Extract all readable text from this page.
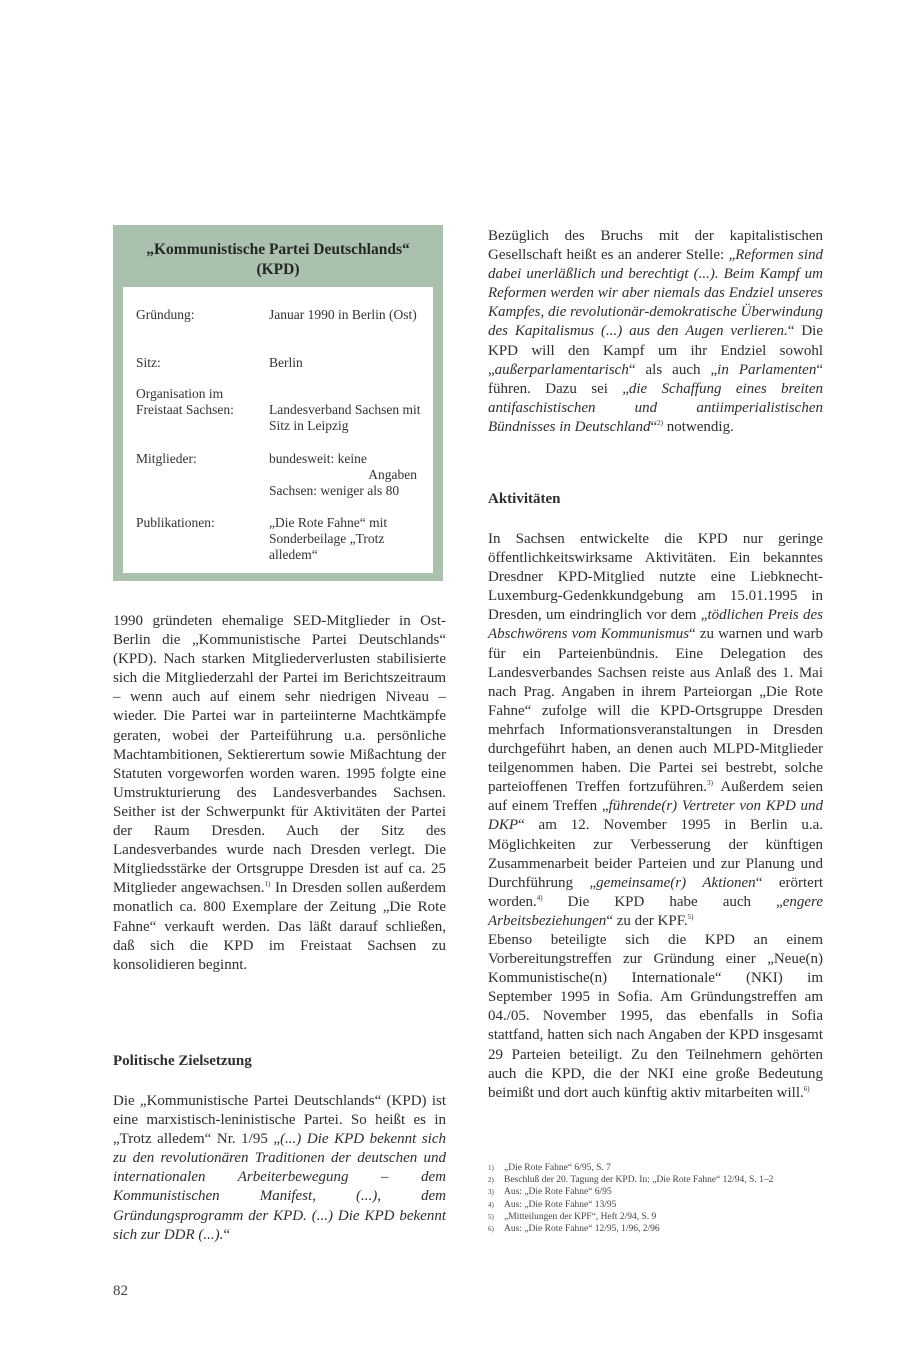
„Kommunistische Partei Deutschlands“
(KPD)
Gründung:	Januar 1990 in Berlin (Ost)
Sitz:	Berlin
Organisation im Freistaat Sachsen:	Landesverband Sachsen mit Sitz in Leipzig
Mitglieder:	bundesweit: keine
Angaben
Sachsen: weniger als 80
Publikationen:	„Die Rote Fahne“ mit Sonderbeilage „Trotz alledem“

1990 gründeten ehemalige SED-Mitglieder in Ost-Berlin die „Kommunistische Partei Deutschlands“ (KPD). Nach starken Mitgliederverlusten stabilisierte sich die Mitgliederzahl der Partei im Berichtszeitraum – wenn auch auf einem sehr niedrigen Niveau – wieder. Die Partei war in parteiinterne Machtkämpfe geraten, wobei der Parteiführung u.a. persönliche Machtambitionen, Sektierertum sowie Mißachtung der Statuten vorgeworfen worden waren. 1995 folgte eine Umstrukturierung des Landesverbandes Sachsen. Seither ist der Schwerpunkt für Aktivitäten der Partei der Raum Dresden. Auch der Sitz des Landesverbandes wurde nach Dresden verlegt. Die Mitgliedsstärke der Ortsgruppe Dresden ist auf ca. 25 Mitglieder angewachsen.$^{1)}$ In Dresden sollen außerdem monatlich ca. 800 Exemplare der Zeitung „Die Rote Fahne“ verkauft werden. Das läßt darauf schließen, daß sich die KPD im Freistaat Sachsen zu konsolidieren beginnt.

Politische Zielsetzung

Die „Kommunistische Partei Deutschlands“ (KPD) ist eine marxistisch-leninistische Partei. So heißt es in „Trotz alledem“ Nr. 1/95 „(...) Die KPD bekennt sich zu den revolutionären Traditionen der deutschen und internationalen Arbeiterbewegung – dem Kommunistischen Manifest, (...), dem Gründungsprogramm der KPD. (...) Die KPD bekennt sich zur DDR (...).“

Bezüglich des Bruchs mit der kapitalistischen Gesellschaft heißt es an anderer Stelle: „Reformen sind dabei unerläßlich und berechtigt (...). Beim Kampf um Reformen werden wir aber niemals das Endziel unseres Kampfes, die revolutionär-demokratische Überwindung des Kapitalismus (...) aus den Augen verlieren.“ Die KPD will den Kampf um ihr Endziel sowohl „außerparlamentarisch“ als auch „in Parlamenten“ führen. Dazu sei „die Schaffung eines breiten antifaschistischen und antiimperialistischen Bündnisses in Deutschland“$^{2)}$ notwendig.

Aktivitäten

In Sachsen entwickelte die KPD nur geringe öffentlichkeitswirksame Aktivitäten. Ein bekanntes Dresdner KPD-Mitglied nutzte eine Liebknecht-Luxemburg-Gedenkkundgebung am 15.01.1995 in Dresden, um eindringlich vor dem „tödlichen Preis des Abschwörens vom Kommunismus“ zu warnen und warb für ein Parteienbündnis. Eine Delegation des Landesverbandes Sachsen reiste aus Anlaß des 1. Mai nach Prag. Angaben in ihrem Parteiorgan „Die Rote Fahne“ zufolge will die KPD-Ortsgruppe Dresden mehrfach Informationsveranstaltungen in Dresden durchgeführt haben, an denen auch MLPD-Mitglieder teilgenommen haben. Die Partei sei bestrebt, solche parteioffenen Treffen fortzuführen.$^{3)}$ Außerdem seien auf einem Treffen „führende(r) Vertreter von KPD und DKP“ am 12. November 1995 in Berlin u.a. Möglichkeiten zur Verbesserung der künftigen Zusammenarbeit beider Parteien und zur Planung und Durchführung „gemeinsame(r) Aktionen“ erörtert worden.$^{4)}$ Die KPD habe auch „engere Arbeitsbeziehungen“ zu der KPF.$^{5)}$

Ebenso beteiligte sich die KPD an einem Vorbereitungstreffen zur Gründung einer „Neue(n) Kommunistische(n) Internationale“ (NKI) im September 1995 in Sofia. Am Gründungstreffen am 04./05. November 1995, das ebenfalls in Sofia stattfand, hatten sich nach Angaben der KPD insgesamt 29 Parteien beteiligt. Zu den Teilnehmern gehörten auch die KPD, die der NKI eine große Bedeutung beimißt und dort auch künftig aktiv mitarbeiten will.$^{6)}$

1) „Die Rote Fahne“ 6/95, S. 7
2) Beschluß der 20. Tagung der KPD. In: „Die Rote Fahne“ 12/94, S. 1–2
3) Aus: „Die Rote Fahne“ 6/95
4) Aus: „Die Rote Fahne“ 13/95
5) „Mitteilungen der KPF“, Heft 2/94, S. 9
6) Aus: „Die Rote Fahne“ 12/95, 1/96, 2/96
82
